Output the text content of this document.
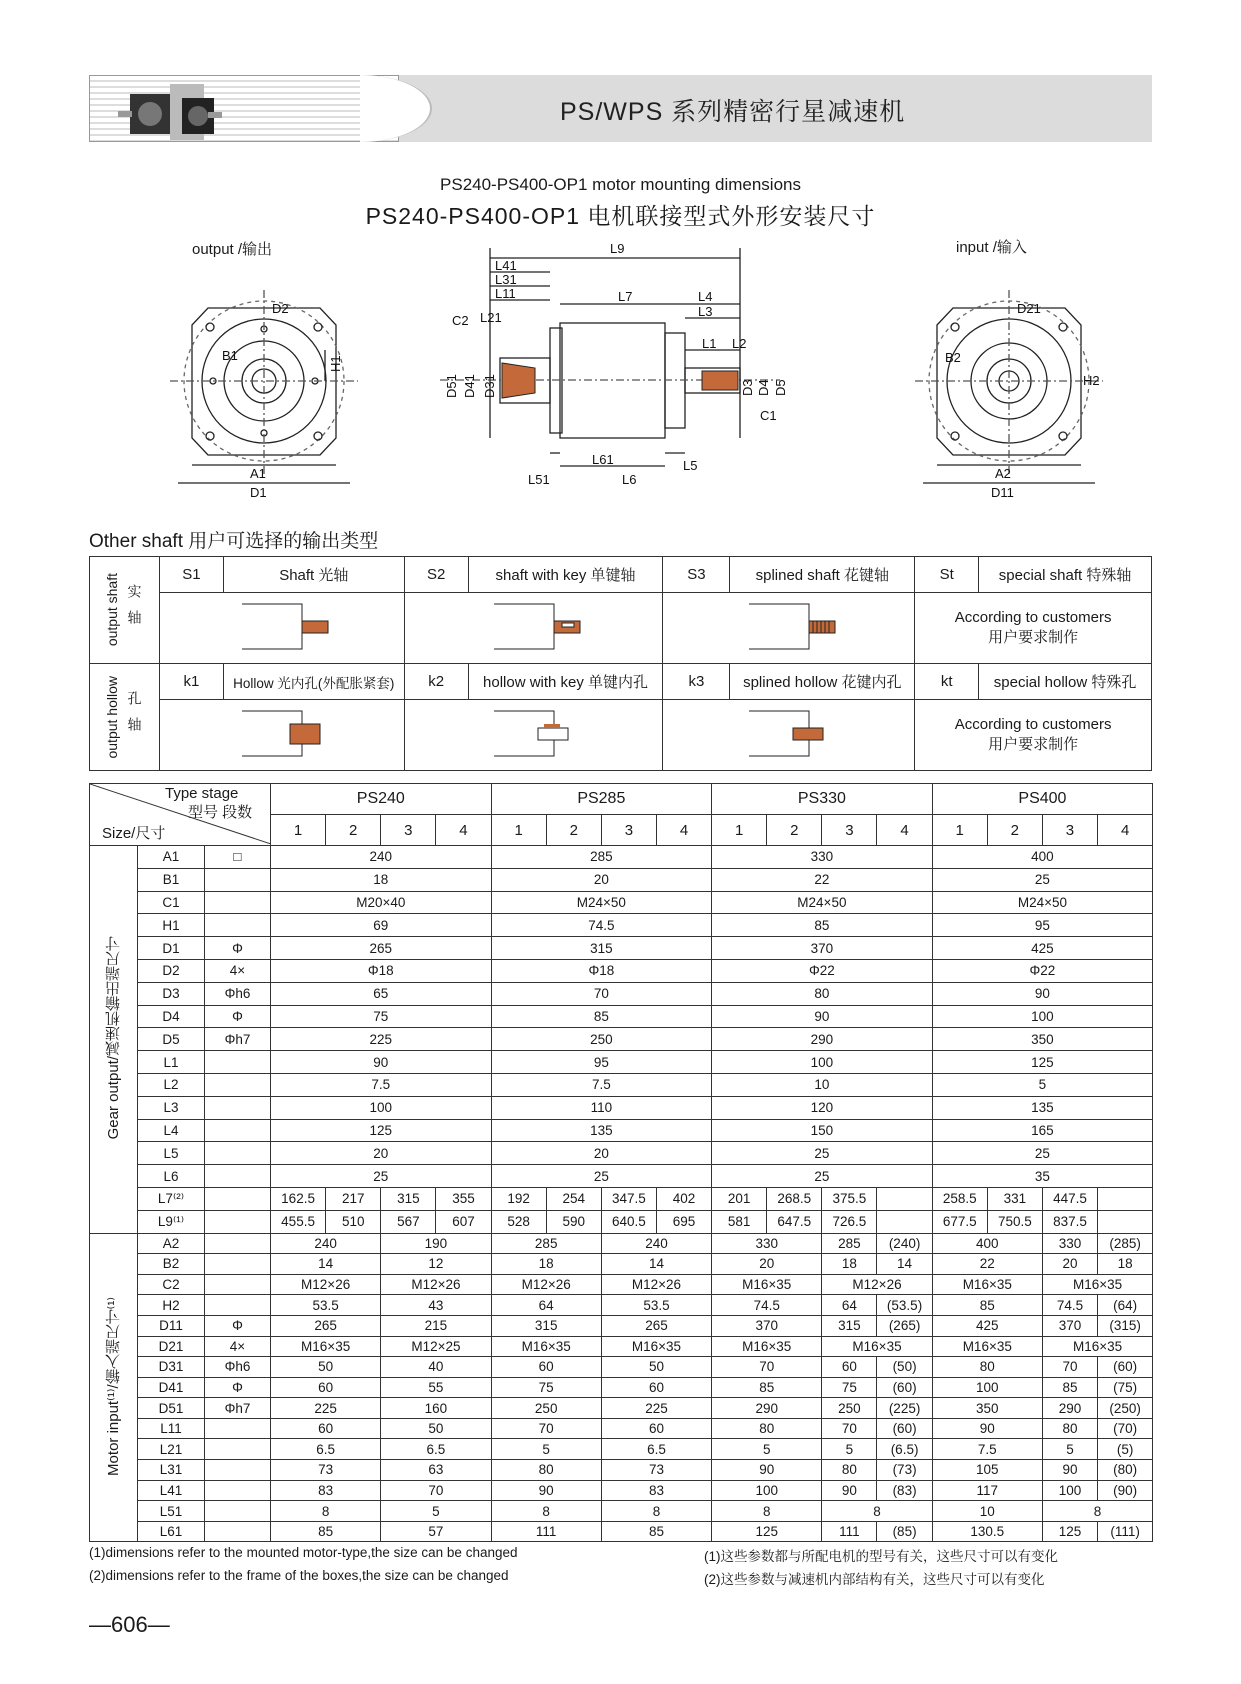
PS/WPS 系列精密行星减速机
PS240-PS400-OP1 motor mounting dimensions
PS240-PS400-OP1 电机联接型式外形安装尺寸
output /输出	input /输入
D2
B1	H1
A1
D1
L9
L41
L31
L11
L21
C2
L7	L4
L3
L1 L2
D51 D41 D31	D3 D4 D5
C1
L51
L61
L6
L5
D21
B2
H2
A2
D11
Other shaft 用户可选择的输出类型
output shaft 实轴	S1	Shaft 光轴	S2	shaft with key 单键轴	S3	splined shaft 花键轴	St	special shaft 特殊轴

According to customers
用户要求制作	

output hollow 孔轴	k1	Hollow 光内孔(外配胀紧套)	k2	hollow with key 单键内孔	k3	splined hollow 花键内孔	kt	special hollow 特殊孔

According to customers
用户要求制作	
Type stage
型号 段数
Size/尺寸			PS240				PS285				PS330				PS400			
			1	2	3	4	1	2	3	4	1	2	3	4	1	2	3	4
Gear output/减速机输出端尺寸	A1	□	240				285				330				400			
	B1		18				20				22				25			
	C1		M20×40				M24×50				M24×50				M24×50			
	H1		69				74.5				85				95			
	D1	Φ	265				315				370				425			
	D2	4×	Φ18				Φ18				Φ22				Φ22			
	D3	Φh6	65				70				80				90			
	D4	Φ	75				85				90				100			
	D5	Φh7	225				250				290				350			
	L1		90				95				100				125			
	L2		7.5				7.5				10				5			
	L3		100				110				120				135			
	L4		125				135				150				165			
	L5		20				20				25				25			
	L6		25				25				25				35			
	L7⁽²⁾		162.5	217	315	355	192	254	347.5	402	201	268.5	375.5		258.5	331	447.5	
	L9⁽¹⁾		455.5	510	567	607	528	590	640.5	695	581	647.5	726.5		677.5	750.5	837.5	
Motor input⁽¹⁾/输入端尺寸⁽¹⁾	A2		240		190		285		240		330		285	(240)	400		330	(285)
	B2		14		12		18		14		20		18	14	22		20	18
	C2		M12×26		M12×26		M12×26		M12×26		M16×35		M12×26		M16×35		M16×35	
	H2		53.5		43		64		53.5		74.5		64	(53.5)	85		74.5	(64)
	D11	Φ	265		215		315		265		370		315	(265)	425		370	(315)
	D21	4×	M16×35		M12×25		M16×35		M16×35		M16×35		M16×35		M16×35		M16×35	
	D31	Φh6	50		40		60		50		70		60	(50)	80		70	(60)
	D41	Φ	60		55		75		60		85		75	(60)	100		85	(75)
	D51	Φh7	225		160		250		225		290		250	(225)	350		290	(250)
	L11		60		50		70		60		80		70	(60)	90		80	(70)
	L21		6.5		6.5		5		6.5		5		5	(6.5)	7.5		5	(5)
	L31		73		63		80		73		90		80	(73)	105		90	(80)
	L41		83		70		90		83		100		90	(83)	117		100	(90)
	L51		8		5		8		8		8		8		10		8	
	L61		85		57		111		85		125		111	(85)	130.5		125	(111)
(1)dimensions refer to the mounted motor-type,the size can be changed
(2)dimensions refer to the frame of the boxes,the size can be changed
(1)这些参数都与所配电机的型号有关，这些尺寸可以有变化
(2)这些参数与减速机内部结构有关，这些尺寸可以有变化
—606—
